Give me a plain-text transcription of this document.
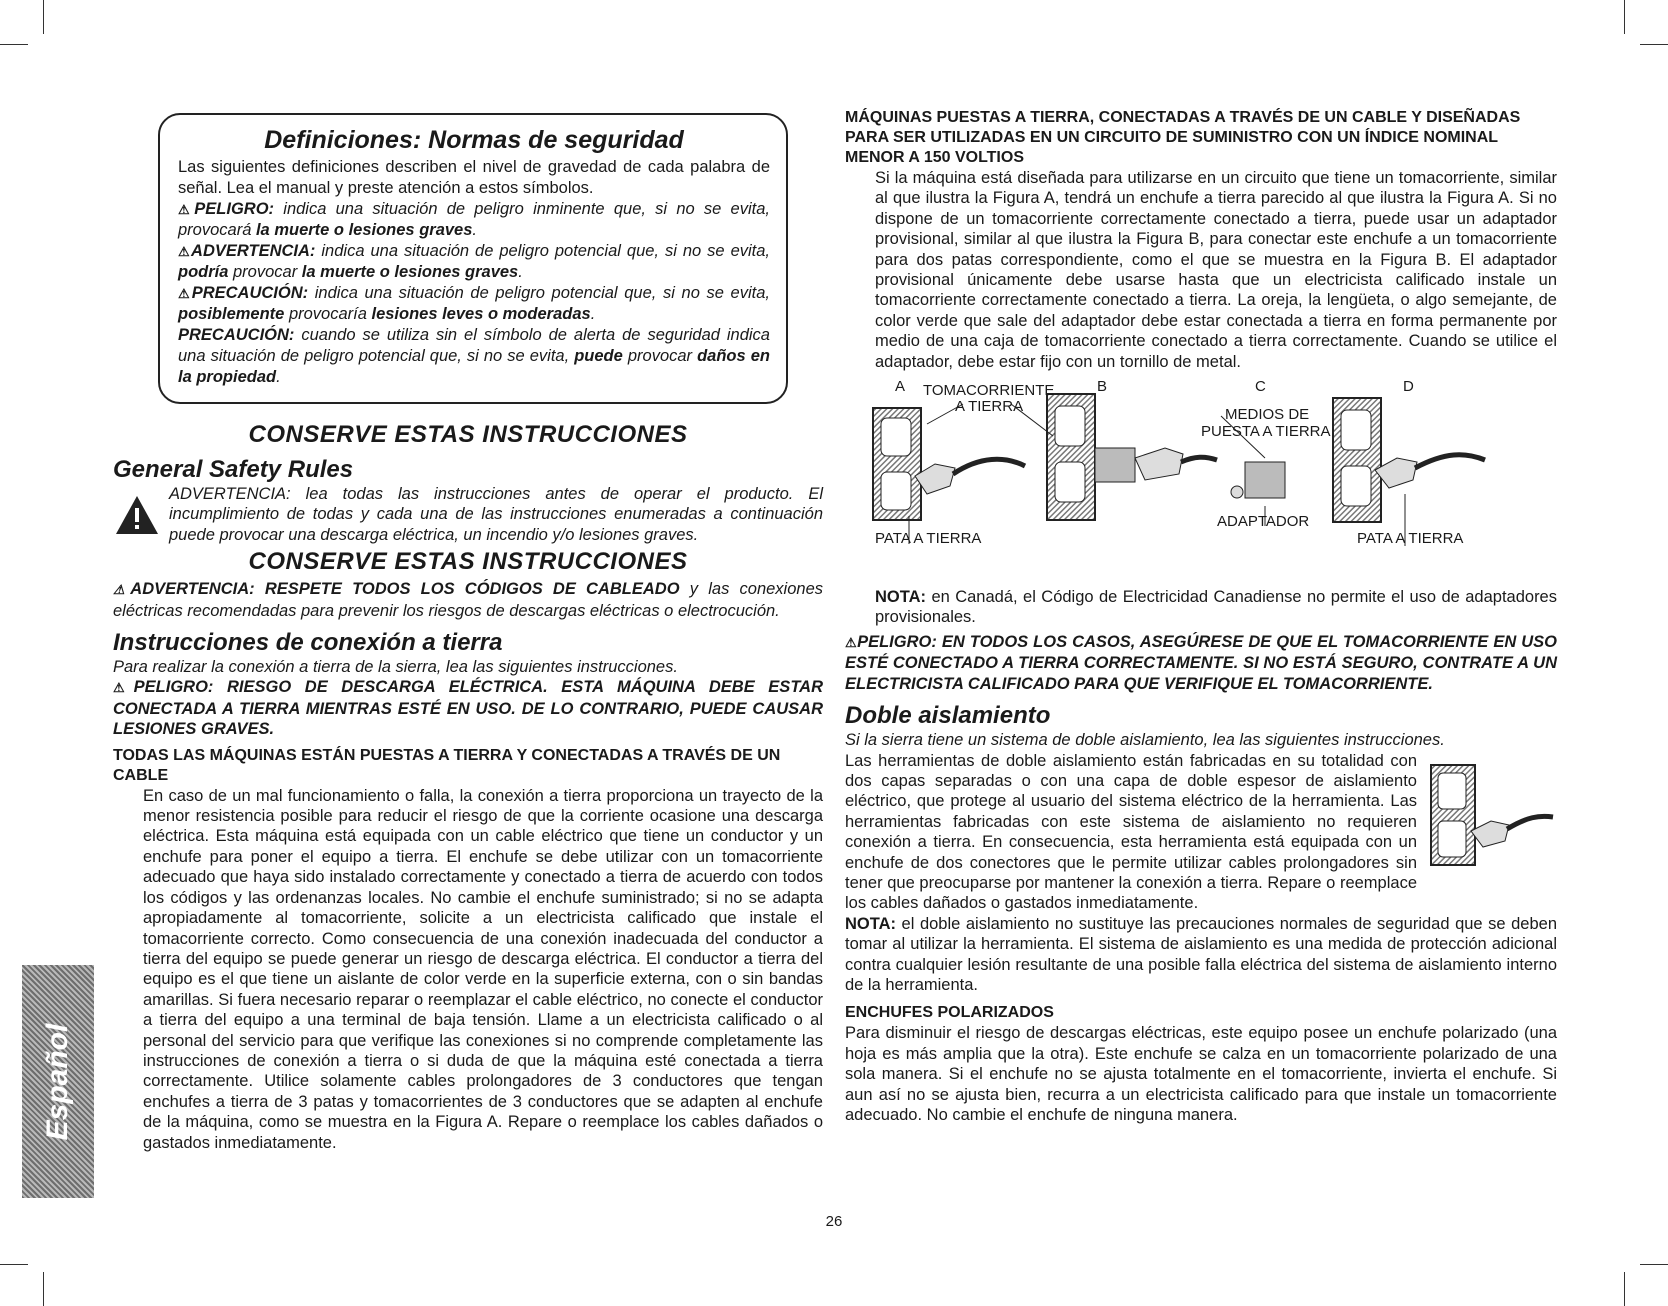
Español
Definiciones: Normas de seguridad

Las siguientes definiciones describen el nivel de gravedad de cada palabra de señal. Lea el manual y preste atención a estos símbolos.

⚠PELIGRO: indica una situación de peligro inminente que, si no se evita, provocará la muerte o lesiones graves.

⚠ADVERTENCIA: indica una situación de peligro potencial que, si no se evita, podría provocar la muerte o lesiones graves.

⚠PRECAUCIÓN: indica una situación de peligro potencial que, si no se evita, posiblemente provocaría lesiones leves o moderadas.

PRECAUCIÓN: cuando se utiliza sin el símbolo de alerta de seguridad indica una situación de peligro potencial que, si no se evita, puede provocar daños en la propiedad.

CONSERVE ESTAS INSTRUCCIONES
General Safety Rules

ADVERTENCIA: lea todas las instrucciones antes de operar el producto. El incumplimiento de todas y cada una de las instrucciones enumeradas a continuación puede provocar una descarga eléctrica, un incendio y/o lesiones graves.

CONSERVE ESTAS INSTRUCCIONES

⚠ADVERTENCIA: RESPETE TODOS LOS CÓDIGOS DE CABLEADO y las conexiones eléctricas recomendadas para prevenir los riesgos de descargas eléctricas o electrocución.

Instrucciones de conexión a tierra

Para realizar la conexión a tierra de la sierra, lea las siguientes instrucciones.

⚠PELIGRO: RIESGO DE DESCARGA ELÉCTRICA. ESTA MÁQUINA DEBE ESTAR CONECTADA A TIERRA MIENTRAS ESTÉ EN USO. DE LO CONTRARIO, PUEDE CAUSAR LESIONES GRAVES.

TODAS LAS MÁQUINAS ESTÁN PUESTAS A TIERRA Y CONECTADAS A TRAVÉS DE UN CABLE

En caso de un mal funcionamiento o falla, la conexión a tierra proporciona un trayecto de la menor resistencia posible para reducir el riesgo de que la corriente ocasione una descarga eléctrica. Esta máquina está equipada con un cable eléctrico que tiene un conductor y un enchufe para poner el equipo a tierra. El enchufe se debe utilizar con un tomacorriente adecuado que haya sido instalado correctamente y conectado a tierra de acuerdo con todos los códigos y las ordenanzas locales. No cambie el enchufe suministrado; si no se adapta apropiadamente al tomacorriente, solicite a un electricista calificado que instale el tomacorriente correcto. Como consecuencia de una conexión inadecuada del conductor a tierra del equipo se puede generar un riesgo de descarga eléctrica. El conductor a tierra del equipo es el que tiene un aislante de color verde en la superficie externa, con o sin bandas amarillas. Si fuera necesario reparar o reemplazar el cable eléctrico, no conecte el conductor a tierra del equipo a una terminal de baja tensión. Llame a un electricista calificado o al personal del servicio para que verifique las conexiones si no comprende completamente las instrucciones de conexión a tierra o si duda de que la máquina esté conectada a tierra correctamente. Utilice solamente cables prolongadores de 3 conductores que tengan enchufes a tierra de 3 patas y tomacorrientes de 3 conductores que se adapten al enchufe de la máquina, como se muestra en la Figura A. Repare o reemplace los cables dañados o gastados inmediatamente.

MÁQUINAS PUESTAS A TIERRA, CONECTADAS A TRAVÉS DE UN CABLE Y DISEÑADAS PARA SER UTILIZADAS EN UN CIRCUITO DE SUMINISTRO CON UN ÍNDICE NOMINAL MENOR A 150 VOLTIOS

Si la máquina está diseñada para utilizarse en un circuito que tiene un tomacorriente, similar al que ilustra la Figura A, tendrá un enchufe a tierra parecido al que ilustra la Figura A. Si no dispone de un tomacorriente correctamente conectado a tierra, puede usar un adaptador provisional, similar al que ilustra la Figura B, para conectar este enchufe a un tomacorriente para dos patas correspondiente, como el que se muestra en la Figura B. El adaptador provisional únicamente debe usarse hasta que un electricista calificado instale un tomacorriente correctamente conectado a tierra. La oreja, la lengüeta, o algo semejante, de color verde que sale del adaptador debe estar conectada a tierra en forma permanente por medio de una caja de tomacorriente conectado a tierra correctamente. Cuando se utilice el adaptador, debe estar fijo con un tornillo de metal.

A TOMACORRIENTE
A TIERRA
B	C	D
MEDIOS DE
PUESTA A TIERRA
ADAPTADOR
PATA A TIERRA	PATA A TIERRA

NOTA: en Canadá, el Código de Electricidad Canadiense no permite el uso de adaptadores provisionales.

⚠PELIGRO: EN TODOS LOS CASOS, ASEGÚRESE DE QUE EL TOMACORRIENTE EN USO ESTÉ CONECTADO A TIERRA CORRECTAMENTE. SI NO ESTÁ SEGURO, CONTRATE A UN ELECTRICISTA CALIFICADO PARA QUE VERIFIQUE EL TOMACORRIENTE.

Doble aislamiento

Si la sierra tiene un sistema de doble aislamiento, lea las siguientes instrucciones.

Las herramientas de doble aislamiento están fabricadas en su totalidad con dos capas separadas o con una capa de doble espesor de aislamiento eléctrico, que protege al usuario del sistema eléctrico de la herramienta. Las herramientas fabricadas con este sistema de aislamiento no requieren conexión a tierra. En consecuencia, esta herramienta está equipada con un enchufe de dos conectores que le permite utilizar cables prolongadores sin tener que preocuparse por mantener la conexión a tierra. Repare o reemplace los cables dañados o gastados inmediatamente.

NOTA: el doble aislamiento no sustituye las precauciones normales de seguridad que se deben tomar al utilizar la herramienta. El sistema de aislamiento es una medida de protección adicional contra cualquier lesión resultante de una posible falla eléctrica del sistema de aislamiento interno de la herramienta.

ENCHUFES POLARIZADOS

Para disminuir el riesgo de descargas eléctricas, este equipo posee un enchufe polarizado (una hoja es más amplia que la otra). Este enchufe se calza en un tomacorriente polarizado de una sola manera. Si el enchufe no se ajusta totalmente en el tomacorriente, invierta el enchufe. Si aun así no se ajusta bien, recurra a un electricista calificado para que instale un tomacorriente adecuado. No cambie el enchufe de ninguna manera.

26
